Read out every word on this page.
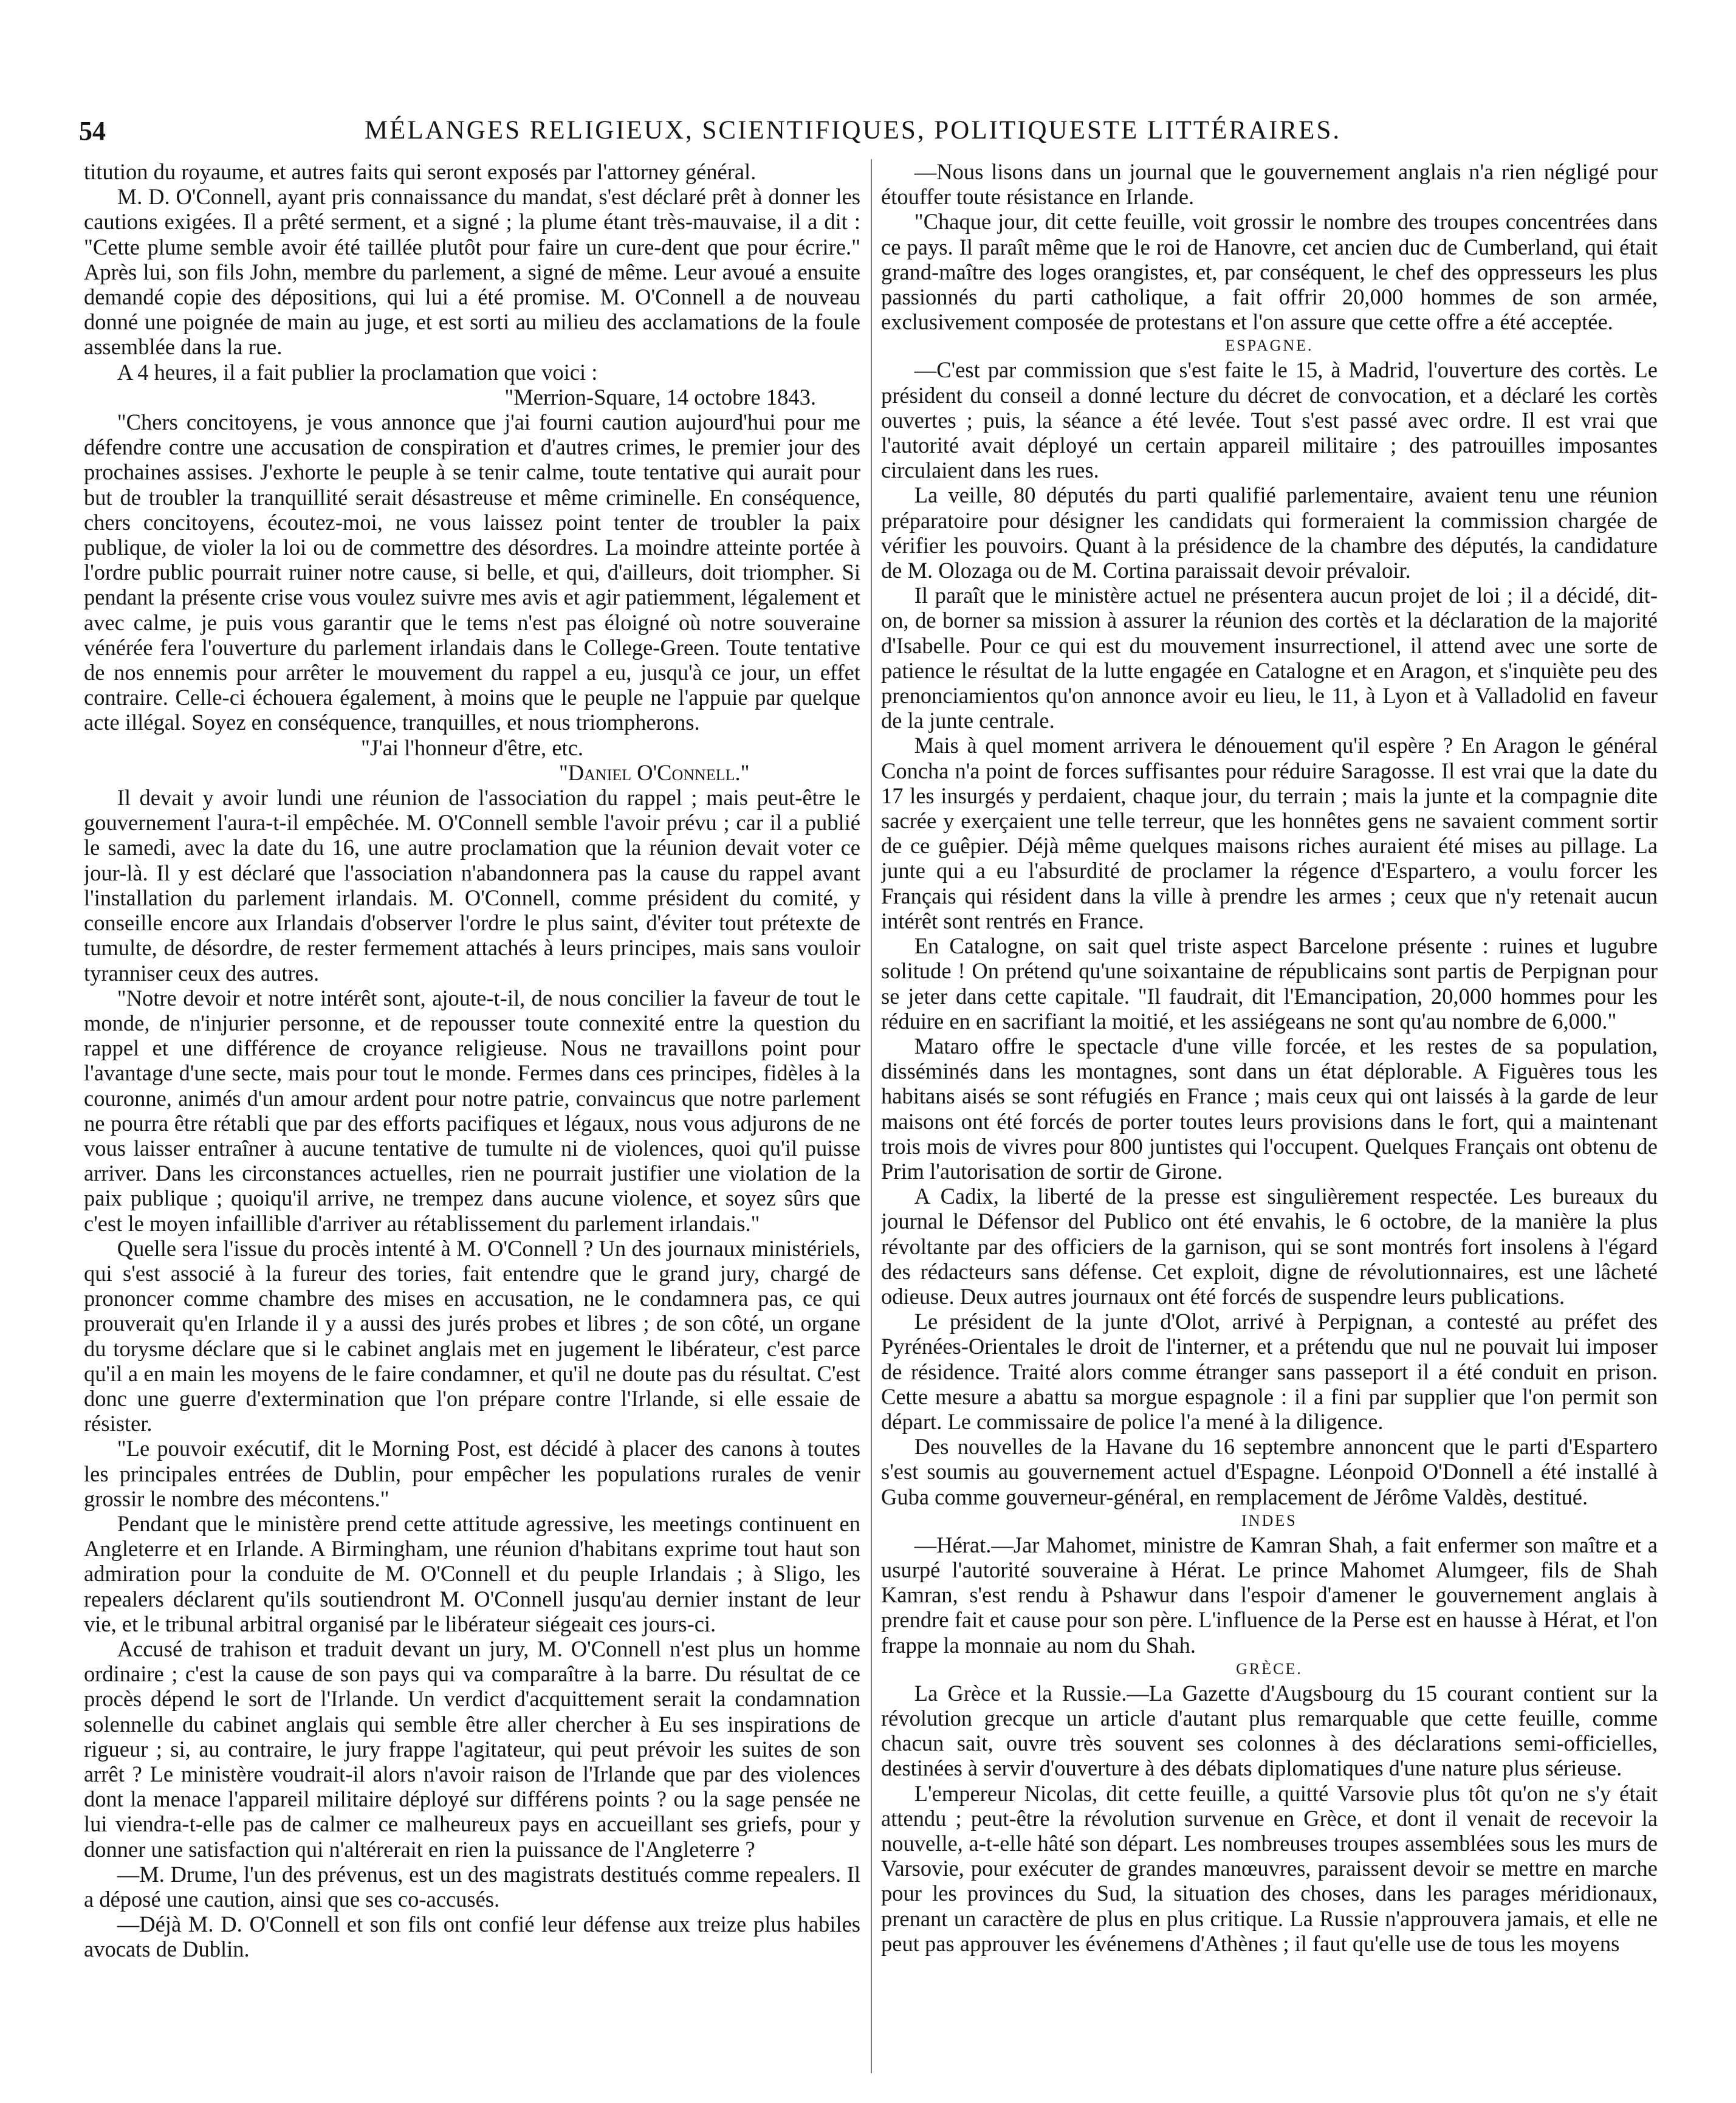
54	MÉLANGES RELIGIEUX, SCIENTIFIQUES, POLITIQUESTE LITTÉRAIRES.

titution du royaume, et autres faits qui seront exposés par l'attorney général.

M. D. O'Connell, ayant pris connaissance du mandat, s'est déclaré prêt à donner les cautions exigées. Il a prêté serment, et a signé ; la plume étant très-mauvaise, il a dit : "Cette plume semble avoir été taillée plutôt pour faire un cure-dent que pour écrire." Après lui, son fils John, membre du parlement, a signé de même. Leur avoué a ensuite demandé copie des dépositions, qui lui a été promise. M. O'Connell a de nouveau donné une poignée de main au juge, et est sorti au milieu des acclamations de la foule assemblée dans la rue.

A 4 heures, il a fait publier la proclamation que voici :

"Merrion-Square, 14 octobre 1843.

"Chers concitoyens, je vous annonce que j'ai fourni caution aujourd'hui pour me défendre contre une accusation de conspiration et d'autres crimes, le premier jour des prochaines assises. J'exhorte le peuple à se tenir calme, toute tentative qui aurait pour but de troubler la tranquillité serait désastreuse et même criminelle. En conséquence, chers concitoyens, écoutez-moi, ne vous laissez point tenter de troubler la paix publique, de violer la loi ou de commettre des désordres. La moindre atteinte portée à l'ordre public pourrait ruiner notre cause, si belle, et qui, d'ailleurs, doit triompher. Si pendant la présente crise vous voulez suivre mes avis et agir patiemment, légalement et avec calme, je puis vous garantir que le tems n'est pas éloigné où notre souveraine vénérée fera l'ouverture du parlement irlandais dans le College-Green. Toute tentative de nos ennemis pour arrêter le mouvement du rappel a eu, jusqu'à ce jour, un effet contraire. Celle-ci échouera également, à moins que le peuple ne l'appuie par quelque acte illégal. Soyez en conséquence, tranquilles, et nous triompherons.

"J'ai l'honneur d'être, etc.

"Daniel O'Connell."

Il devait y avoir lundi une réunion de l'association du rappel ; mais peut-être le gouvernement l'aura-t-il empêchée. M. O'Connell semble l'avoir prévu ; car il a publié le samedi, avec la date du 16, une autre proclamation que la réunion devait voter ce jour-là. Il y est déclaré que l'association n'abandonnera pas la cause du rappel avant l'installation du parlement irlandais. M. O'Connell, comme président du comité, y conseille encore aux Irlandais d'observer l'ordre le plus saint, d'éviter tout prétexte de tumulte, de désordre, de rester fermement attachés à leurs principes, mais sans vouloir tyranniser ceux des autres.

"Notre devoir et notre intérêt sont, ajoute-t-il, de nous concilier la faveur de tout le monde, de n'injurier personne, et de repousser toute connexité entre la question du rappel et une différence de croyance religieuse. Nous ne travaillons point pour l'avantage d'une secte, mais pour tout le monde. Fermes dans ces principes, fidèles à la couronne, animés d'un amour ardent pour notre patrie, convaincus que notre parlement ne pourra être rétabli que par des efforts pacifiques et légaux, nous vous adjurons de ne vous laisser entraîner à aucune tentative de tumulte ni de violences, quoi qu'il puisse arriver. Dans les circonstances actuelles, rien ne pourrait justifier une violation de la paix publique ; quoiqu'il arrive, ne trempez dans aucune violence, et soyez sûrs que c'est le moyen infaillible d'arriver au rétablissement du parlement irlandais."

Quelle sera l'issue du procès intenté à M. O'Connell ? Un des journaux ministériels, qui s'est associé à la fureur des tories, fait entendre que le grand jury, chargé de prononcer comme chambre des mises en accusation, ne le condamnera pas, ce qui prouverait qu'en Irlande il y a aussi des jurés probes et libres ; de son côté, un organe du torysme déclare que si le cabinet anglais met en jugement le libérateur, c'est parce qu'il a en main les moyens de le faire condamner, et qu'il ne doute pas du résultat. C'est donc une guerre d'extermination que l'on prépare contre l'Irlande, si elle essaie de résister.

"Le pouvoir exécutif, dit le Morning Post, est décidé à placer des canons à toutes les principales entrées de Dublin, pour empêcher les populations rurales de venir grossir le nombre des mécontens."

Pendant que le ministère prend cette attitude agressive, les meetings continuent en Angleterre et en Irlande. A Birmingham, une réunion d'habitans exprime tout haut son admiration pour la conduite de M. O'Connell et du peuple Irlandais ; à Sligo, les repealers déclarent qu'ils soutiendront M. O'Connell jusqu'au dernier instant de leur vie, et le tribunal arbitral organisé par le libérateur siégeait ces jours-ci.

Accusé de trahison et traduit devant un jury, M. O'Connell n'est plus un homme ordinaire ; c'est la cause de son pays qui va comparaître à la barre. Du résultat de ce procès dépend le sort de l'Irlande. Un verdict d'acquittement serait la condamnation solennelle du cabinet anglais qui semble être aller chercher à Eu ses inspirations de rigueur ; si, au contraire, le jury frappe l'agitateur, qui peut prévoir les suites de son arrêt ? Le ministère voudrait-il alors n'avoir raison de l'Irlande que par des violences dont la menace l'appareil militaire déployé sur différens points ? ou la sage pensée ne lui viendra-t-elle pas de calmer ce malheureux pays en accueillant ses griefs, pour y donner une satisfaction qui n'altérerait en rien la puissance de l'Angleterre ?

—M. Drume, l'un des prévenus, est un des magistrats destitués comme repealers. Il a déposé une caution, ainsi que ses co-accusés.

—Déjà M. D. O'Connell et son fils ont confié leur défense aux treize plus habiles avocats de Dublin.

—Nous lisons dans un journal que le gouvernement anglais n'a rien négligé pour étouffer toute résistance en Irlande.

"Chaque jour, dit cette feuille, voit grossir le nombre des troupes concentrées dans ce pays. Il paraît même que le roi de Hanovre, cet ancien duc de Cumberland, qui était grand-maître des loges orangistes, et, par conséquent, le chef des oppresseurs les plus passionnés du parti catholique, a fait offrir 20,000 hommes de son armée, exclusivement composée de protestans et l'on assure que cette offre a été acceptée.

ESPAGNE.

—C'est par commission que s'est faite le 15, à Madrid, l'ouverture des cortès. Le président du conseil a donné lecture du décret de convocation, et a déclaré les cortès ouvertes ; puis, la séance a été levée. Tout s'est passé avec ordre. Il est vrai que l'autorité avait déployé un certain appareil militaire ; des patrouilles imposantes circulaient dans les rues.

La veille, 80 députés du parti qualifié parlementaire, avaient tenu une réunion préparatoire pour désigner les candidats qui formeraient la commission chargée de vérifier les pouvoirs. Quant à la présidence de la chambre des députés, la candidature de M. Olozaga ou de M. Cortina paraissait devoir prévaloir.

Il paraît que le ministère actuel ne présentera aucun projet de loi ; il a décidé, dit-on, de borner sa mission à assurer la réunion des cortès et la déclaration de la majorité d'Isabelle. Pour ce qui est du mouvement insurrectionel, il attend avec une sorte de patience le résultat de la lutte engagée en Catalogne et en Aragon, et s'inquiète peu des prenonciamientos qu'on annonce avoir eu lieu, le 11, à Lyon et à Valladolid en faveur de la junte centrale.

Mais à quel moment arrivera le dénouement qu'il espère ? En Aragon le général Concha n'a point de forces suffisantes pour réduire Saragosse. Il est vrai que la date du 17 les insurgés y perdaient, chaque jour, du terrain ; mais la junte et la compagnie dite sacrée y exerçaient une telle terreur, que les honnêtes gens ne savaient comment sortir de ce guêpier. Déjà même quelques maisons riches auraient été mises au pillage. La junte qui a eu l'absurdité de proclamer la régence d'Espartero, a voulu forcer les Français qui résident dans la ville à prendre les armes ; ceux que n'y retenait aucun intérêt sont rentrés en France.

En Catalogne, on sait quel triste aspect Barcelone présente : ruines et lugubre solitude ! On prétend qu'une soixantaine de républicains sont partis de Perpignan pour se jeter dans cette capitale. "Il faudrait, dit l'Emancipation, 20,000 hommes pour les réduire en en sacrifiant la moitié, et les assiégeans ne sont qu'au nombre de 6,000."

Mataro offre le spectacle d'une ville forcée, et les restes de sa population, disséminés dans les montagnes, sont dans un état déplorable. A Figuères tous les habitans aisés se sont réfugiés en France ; mais ceux qui ont laissés à la garde de leur maisons ont été forcés de porter toutes leurs provisions dans le fort, qui a maintenant trois mois de vivres pour 800 juntistes qui l'occupent. Quelques Français ont obtenu de Prim l'autorisation de sortir de Girone.

A Cadix, la liberté de la presse est singulièrement respectée. Les bureaux du journal le Défensor del Publico ont été envahis, le 6 octobre, de la manière la plus révoltante par des officiers de la garnison, qui se sont montrés fort insolens à l'égard des rédacteurs sans défense. Cet exploit, digne de révolutionnaires, est une lâcheté odieuse. Deux autres journaux ont été forcés de suspendre leurs publications.

Le président de la junte d'Olot, arrivé à Perpignan, a contesté au préfet des Pyrénées-Orientales le droit de l'interner, et a prétendu que nul ne pouvait lui imposer de résidence. Traité alors comme étranger sans passeport il a été conduit en prison. Cette mesure a abattu sa morgue espagnole : il a fini par supplier que l'on permit son départ. Le commissaire de police l'a mené à la diligence.

Des nouvelles de la Havane du 16 septembre annoncent que le parti d'Espartero s'est soumis au gouvernement actuel d'Espagne. Léonpoid O'Donnell a été installé à Guba comme gouverneur-général, en remplacement de Jérôme Valdès, destitué.

INDES

—Hérat.—Jar Mahomet, ministre de Kamran Shah, a fait enfermer son maître et a usurpé l'autorité souveraine à Hérat. Le prince Mahomet Alumgeer, fils de Shah Kamran, s'est rendu à Pshawur dans l'espoir d'amener le gouvernement anglais à prendre fait et cause pour son père. L'influence de la Perse est en hausse à Hérat, et l'on frappe la monnaie au nom du Shah.

GRÈCE.

La Grèce et la Russie.—La Gazette d'Augsbourg du 15 courant contient sur la révolution grecque un article d'autant plus remarquable que cette feuille, comme chacun sait, ouvre très souvent ses colonnes à des déclarations semi-officielles, destinées à servir d'ouverture à des débats diplomatiques d'une nature plus sérieuse.

L'empereur Nicolas, dit cette feuille, a quitté Varsovie plus tôt qu'on ne s'y était attendu ; peut-être la révolution survenue en Grèce, et dont il venait de recevoir la nouvelle, a-t-elle hâté son départ. Les nombreuses troupes assemblées sous les murs de Varsovie, pour exécuter de grandes manœuvres, paraissent devoir se mettre en marche pour les provinces du Sud, la situation des choses, dans les parages méridionaux, prenant un caractère de plus en plus critique. La Russie n'approuvera jamais, et elle ne peut pas approuver les événemens d'Athènes ; il faut qu'elle use de tous les moyens
